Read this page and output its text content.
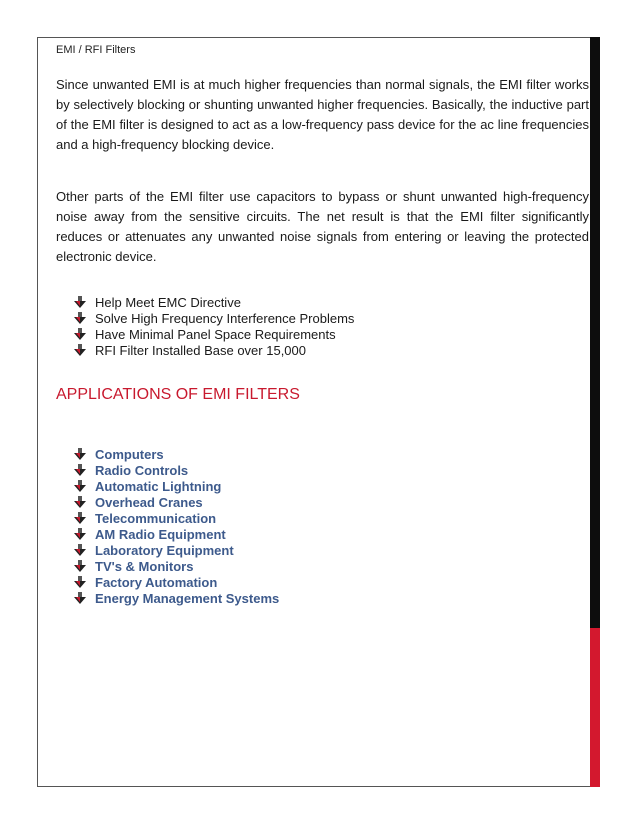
EMI / RFI Filters

Since unwanted EMI is at much higher frequencies than normal signals, the EMI filter works by selectively blocking or shunting unwanted higher frequencies. Basically, the inductive part of the EMI filter is designed to act as a low-frequency pass device for the ac line frequencies and a high-frequency blocking device.

Other parts of the EMI filter use capacitors to bypass or shunt unwanted high-frequency noise away from the sensitive circuits. The net result is that the EMI filter significantly reduces or attenuates any unwanted noise signals from entering or leaving the protected electronic device.

Help Meet EMC Directive
Solve High Frequency Interference Problems
Have Minimal Panel Space Requirements
RFI Filter Installed Base over 15,000
APPLICATIONS OF EMI FILTERS
Computers
Radio Controls
Automatic Lightning
Overhead Cranes
Telecommunication
AM Radio Equipment
Laboratory Equipment
TV's & Monitors
Factory Automation
Energy Management Systems
